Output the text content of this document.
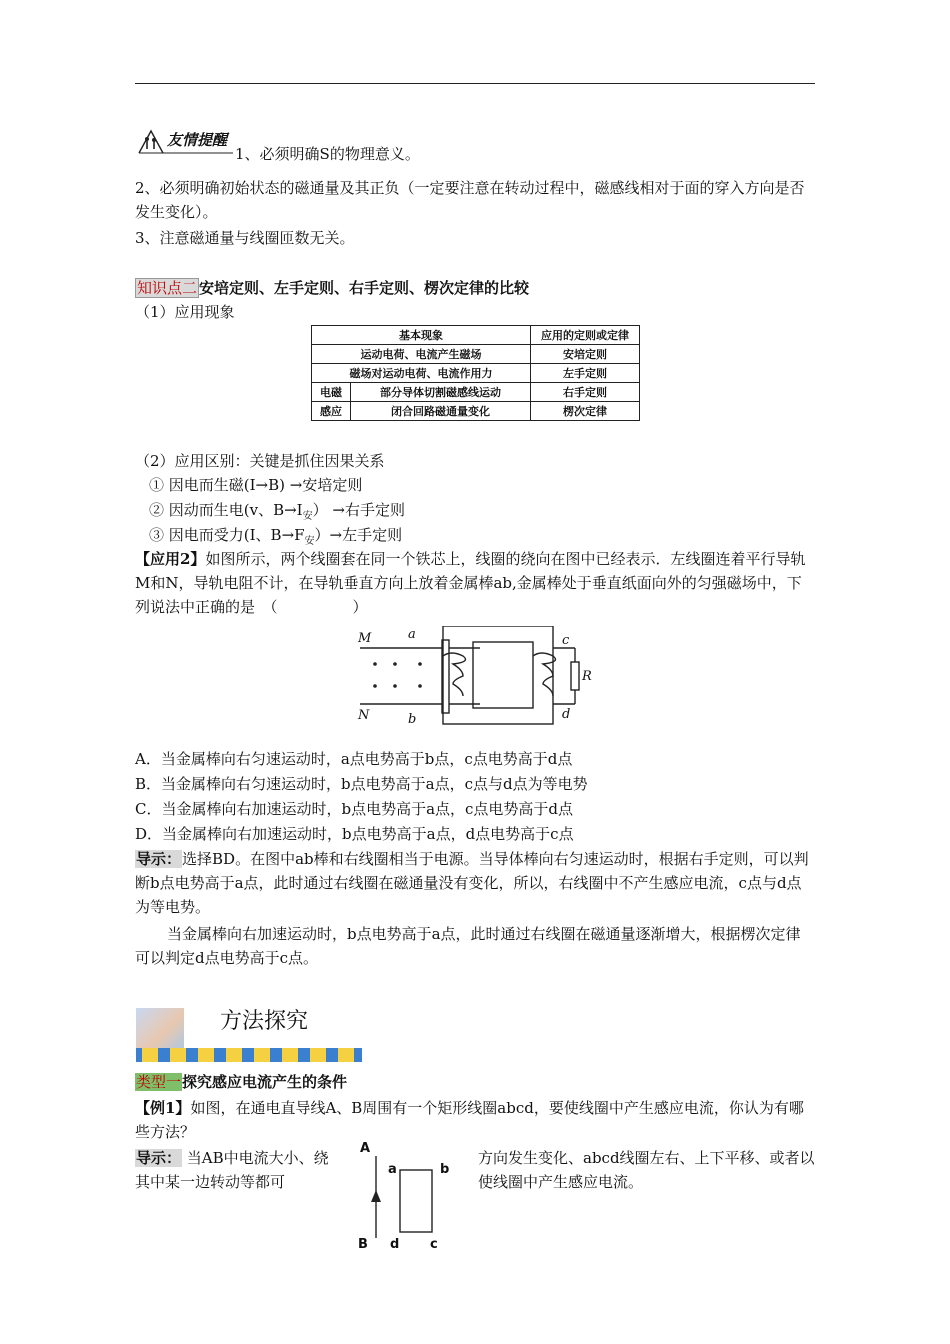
友情提醒
1、必须明确S的物理意义。
2、必须明确初始状态的磁通量及其正负（一定要注意在转动过程中，磁感线相对于面的穿入方向是否发生变化）。
3、注意磁通量与线圈匝数无关。
知识点二 安培定则、左手定则、右手定则、楞次定律的比较
（1）应用现象
基本现象		应用的定则或定律
运动电荷、电流产生磁场		安培定则
磁场对运动电荷、电流作用力		左手定则
电磁	部分导体切割磁感线运动	右手定则
感应	闭合回路磁通量变化	楞次定律
（2）应用区别：关键是抓住因果关系
① 因电而生磁(I→B) →安培定则
② 因动而生电(v、$B\to I_安$） →右手定则
③ 因电而受力(I、$B\to F_安)\to$左手定则
【应用2】如图所示，两个线圈套在同一个铁芯上，线圈的绕向在图中已经表示．左线圈连着平行导轨M和N，导轨电阻不计，在导轨垂直方向上放着金属棒ab,金属棒处于垂直纸面向外的匀强磁场中，下列说法中正确的是　（　　　　　）
M
N
a
b
c
d
R
A．当金属棒向右匀速运动时，a点电势高于b点，c点电势高于d点
B．当金属棒向右匀速运动时，b点电势高于a点，c点与d点为等电势
C．当金属棒向右加速运动时，b点电势高于a点，c点电势高于d点
D．当金属棒向右加速运动时，b点电势高于a点，d点电势高于c点
导示：选择BD。在图中ab棒和右线圈相当于电源。当导体棒向右匀速运动时，根据右手定则，可以判断b点电势高于a点，此时通过右线圈在磁通量没有变化，所以，右线圈中不产生感应电流，c点与d点为等电势。
当金属棒向右加速运动时，b点电势高于a点，此时通过右线圈在磁通量逐渐增大，根据楞次定律可以判定d点电势高于c点。
方法探究
类型一探究感应电流产生的条件
【例1】如图，在通电直导线A、B周围有一个矩形线圈abcd，要使线圈中产生感应电流，你认为有哪些方法？
导示： 当AB中电流大小、绕其中某一边转动等都可
方向发生变化、abcd线圈左右、上下平移、或者以使线圈中产生感应电流。
A
B
a	b
d c
